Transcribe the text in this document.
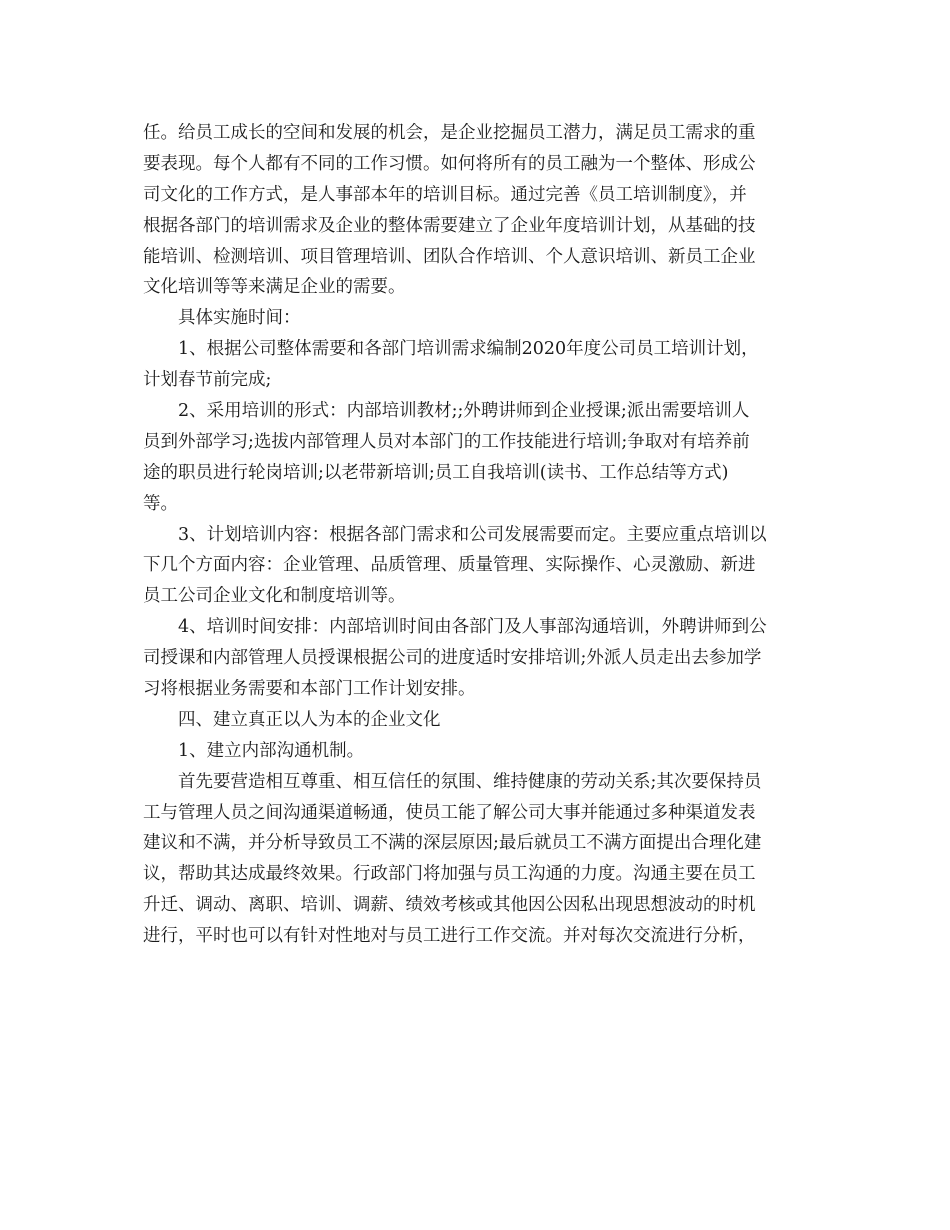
任。给员工成长的空间和发展的机会，是企业挖掘员工潜力，满足员工需求的重
要表现。每个人都有不同的工作习惯。如何将所有的员工融为一个整体、形成公
司文化的工作方式，是人事部本年的培训目标。通过完善《员工培训制度》，并
根据各部门的培训需求及企业的整体需要建立了企业年度培训计划，从基础的技
能培训、检测培训、项目管理培训、团队合作培训、个人意识培训、新员工企业
文化培训等等来满足企业的需要。
具体实施时间：
1、根据公司整体需要和各部门培训需求编制2020年度公司员工培训计划，
计划春节前完成;
2、采用培训的形式：内部培训教材;;外聘讲师到企业授课;派出需要培训人
员到外部学习;选拔内部管理人员对本部门的工作技能进行培训;争取对有培养前
途的职员进行轮岗培训;以老带新培训;员工自我培训(读书、工作总结等方式)
等。
3、计划培训内容：根据各部门需求和公司发展需要而定。主要应重点培训以
下几个方面内容：企业管理、品质管理、质量管理、实际操作、心灵激励、新进
员工公司企业文化和制度培训等。
4、培训时间安排：内部培训时间由各部门及人事部沟通培训，外聘讲师到公
司授课和内部管理人员授课根据公司的进度适时安排培训;外派人员走出去参加学
习将根据业务需要和本部门工作计划安排。
四、建立真正以人为本的企业文化
1、建立内部沟通机制。
首先要营造相互尊重、相互信任的氛围、维持健康的劳动关系;其次要保持员
工与管理人员之间沟通渠道畅通，使员工能了解公司大事并能通过多种渠道发表
建议和不满，并分析导致员工不满的深层原因;最后就员工不满方面提出合理化建
议，帮助其达成最终效果。行政部门将加强与员工沟通的力度。沟通主要在员工
升迁、调动、离职、培训、调薪、绩效考核或其他因公因私出现思想波动的时机
进行，平时也可以有针对性地对与员工进行工作交流。并对每次交流进行分析，
